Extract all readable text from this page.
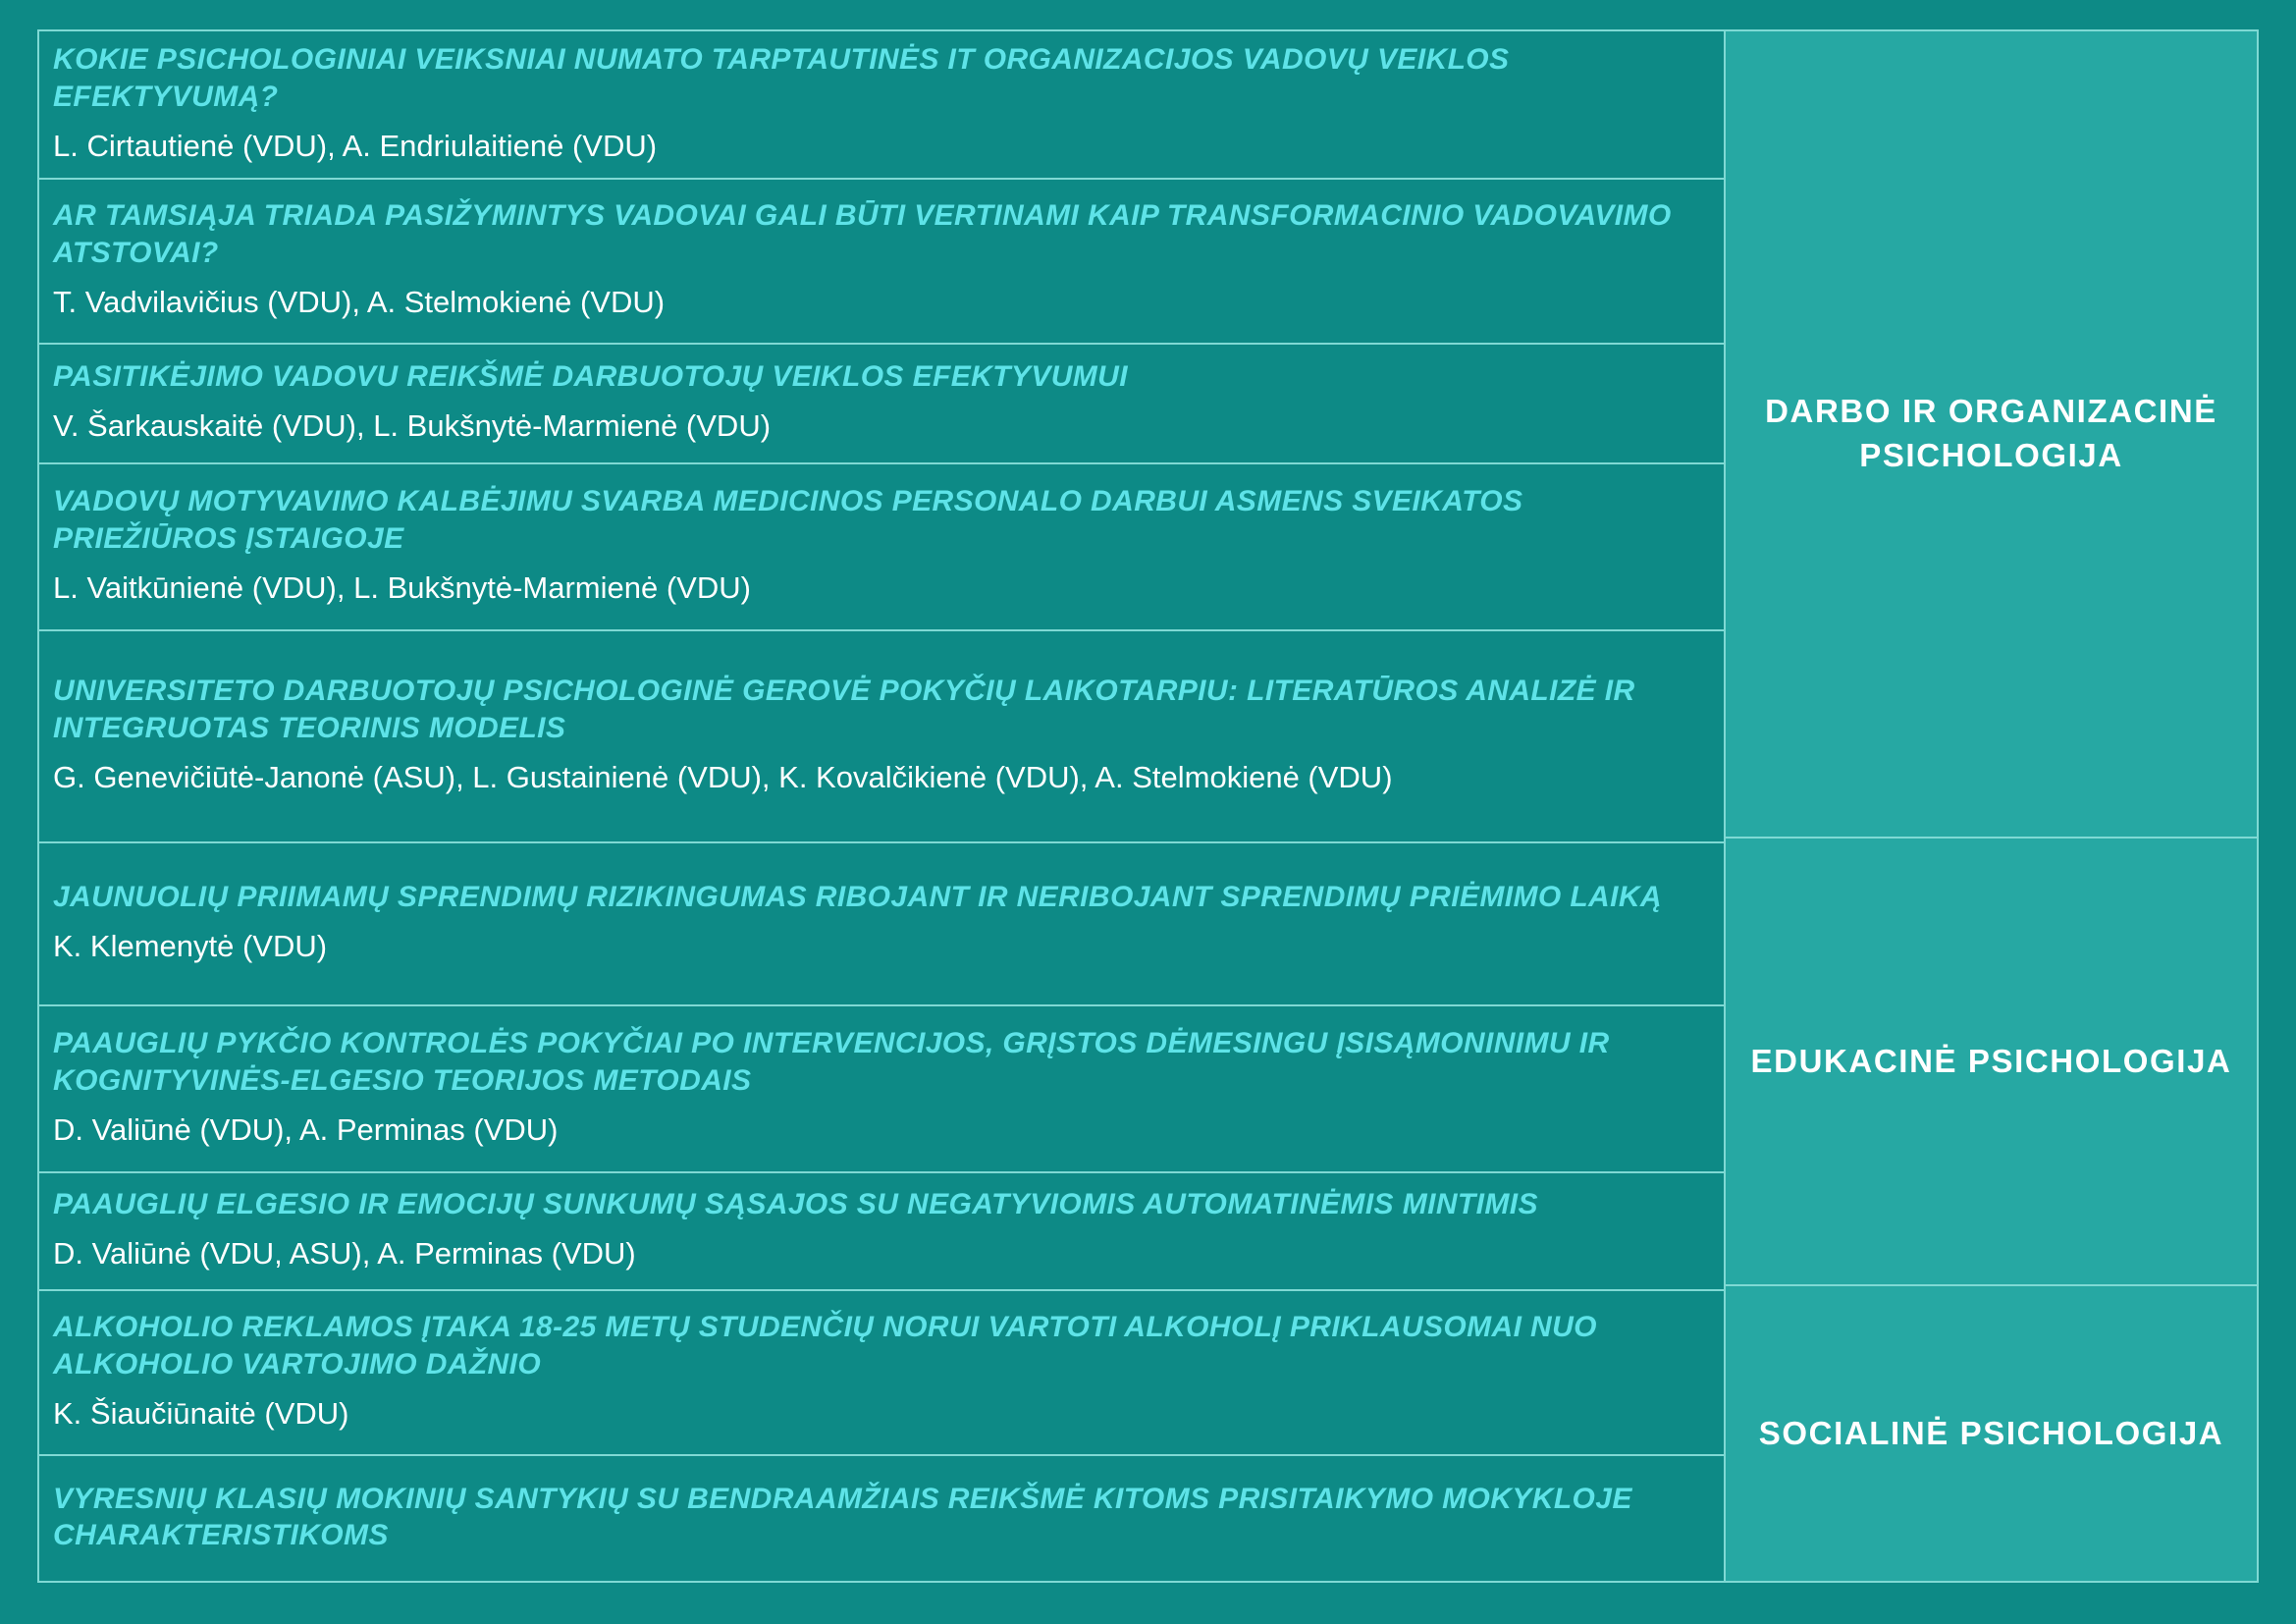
KOKIE PSICHOLOGINIAI VEIKSNIAI NUMATO TARPTAUTINĖS IT ORGANIZACIJOS VADOVŲ VEIKLOS EFEKTYVUMĄ?
L. Cirtautienė (VDU), A. Endriulaitienė (VDU)
AR TAMSIĄJA TRIADA PASIŽYMINTYS VADOVAI GALI BŪTI VERTINAMI KAIP TRANSFORMACINIO VADOVAVIMO ATSTOVAI?
T. Vadvilavičius (VDU), A. Stelmokienė (VDU)
PASITIKĖJIMO VADOVU REIKŠMĖ DARBUOTOJŲ VEIKLOS EFEKTYVUMUI
V. Šarkauskaitė (VDU), L. Bukšnytė-Marmienė (VDU)
VADOVŲ MOTYVAVIMO KALBĖJIMU SVARBA MEDICINOS PERSONALO DARBUI ASMENS SVEIKATOS PRIEŽIŪROS ĮSTAIGOJE
L. Vaitkūnienė (VDU), L. Bukšnytė-Marmienė (VDU)
UNIVERSITETO DARBUOTOJŲ PSICHOLOGINĖ GEROVĖ POKYČIŲ LAIKOTARPIU: LITERATŪROS ANALIZĖ IR INTEGRUOTAS TEORINIS MODELIS
G. Genevičiūtė-Janonė (ASU), L. Gustainienė (VDU), K. Kovalčikienė (VDU), A. Stelmokienė (VDU)
JAUNUOLIŲ PRIIMAMŲ SPRENDIMŲ RIZIKINGUMAS RIBOJANT IR NERIBOJANT SPRENDIMŲ PRIĖMIMO LAIKĄ
K. Klemenytė (VDU)
PAAUGLIŲ PYKČIO KONTROLĖS POKYČIAI PO INTERVENCIJOS, GRĮSTOS DĖMESINGU ĮSISĄMONINIMU IR KOGNITYVINĖS-ELGESIO TEORIJOS METODAIS
D. Valiūnė (VDU), A. Perminas (VDU)
PAAUGLIŲ ELGESIO IR EMOCIJŲ SUNKUMŲ SĄSAJOS SU NEGATYVIOMIS AUTOMATINĖMIS MINTIMIS
D. Valiūnė (VDU, ASU), A. Perminas (VDU)
ALKOHOLIO REKLAMOS ĮTAKA 18-25 METŲ STUDENČIŲ NORUI VARTOTI ALKOHOLĮ PRIKLAUSOMAI NUO ALKOHOLIO VARTOJIMO DAŽNIO
K. Šiaučiūnaitė (VDU)
VYRESNIŲ KLASIŲ MOKINIŲ SANTYKIŲ SU BENDRAAMŽIAIS REIKŠMĖ KITOMS PRISITAIKYMO MOKYKLOJE CHARAKTERISTIKOMS
DARBO IR ORGANIZACINĖ PSICHOLOGIJA
EDUKACINĖ PSICHOLOGIJA
SOCIALINĖ PSICHOLOGIJA
